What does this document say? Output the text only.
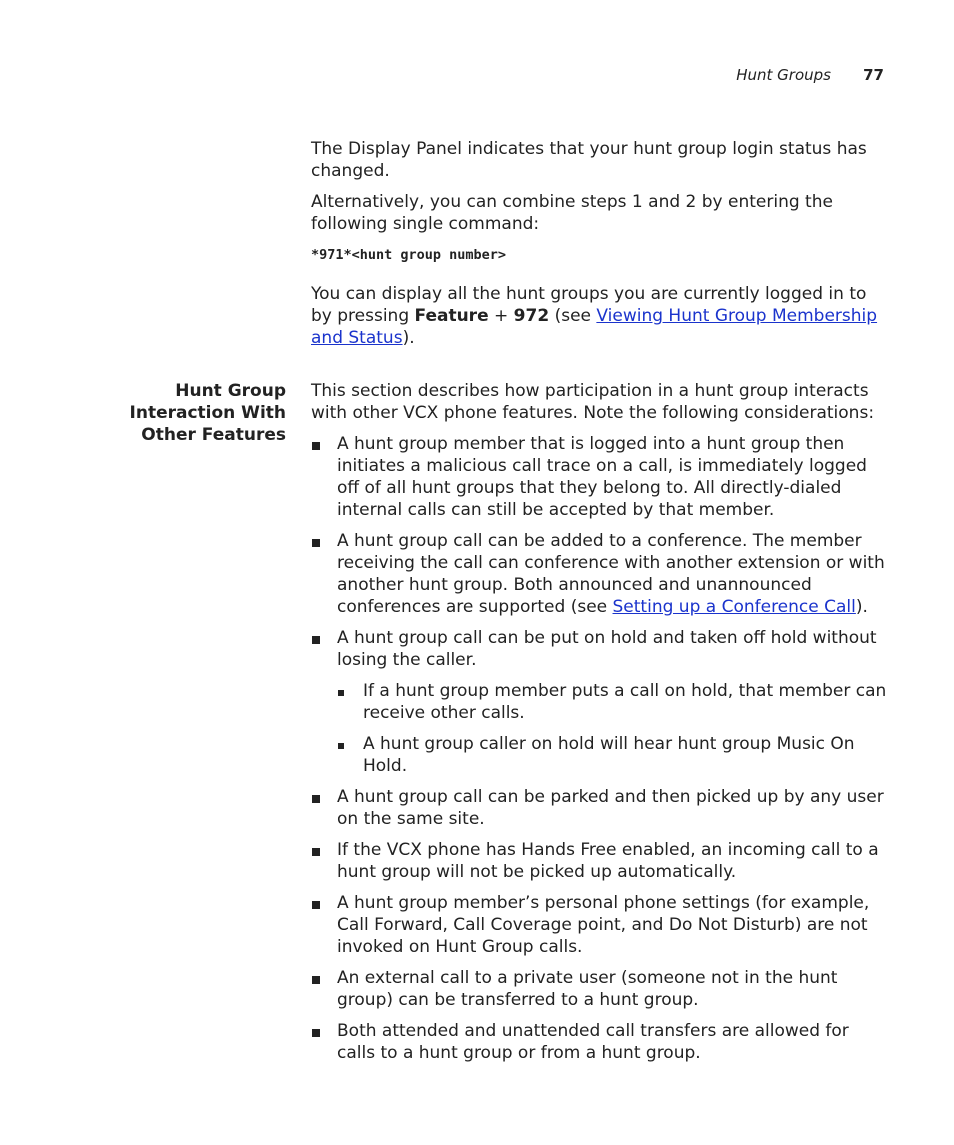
Hunt Groups 77
Hunt Group
Interaction With
Other Features

The Display Panel indicates that your hunt group login status has changed.

Alternatively, you can combine steps 1 and 2 by entering the following single command:

*971*<hunt group number>

You can display all the hunt groups you are currently logged in to by pressing Feature + 972 (see Viewing Hunt Group Membership and Status).

This section describes how participation in a hunt group interacts with other VCX phone features. Note the following considerations:

A hunt group member that is logged into a hunt group then initiates a malicious call trace on a call, is immediately logged off of all hunt groups that they belong to. All directly-dialed internal calls can still be accepted by that member.
A hunt group call can be added to a conference. The member receiving the call can conference with another extension or with another hunt group. Both announced and unannounced conferences are supported (see Setting up a Conference Call).
A hunt group call can be put on hold and taken off hold without losing the caller.
If a hunt group member puts a call on hold, that member can receive other calls.
A hunt group caller on hold will hear hunt group Music On Hold.
A hunt group call can be parked and then picked up by any user on the same site.
If the VCX phone has Hands Free enabled, an incoming call to a hunt group will not be picked up automatically.
A hunt group member’s personal phone settings (for example, Call Forward, Call Coverage point, and Do Not Disturb) are not invoked on Hunt Group calls.
An external call to a private user (someone not in the hunt group) can be transferred to a hunt group.
Both attended and unattended call transfers are allowed for calls to a hunt group or from a hunt group.
